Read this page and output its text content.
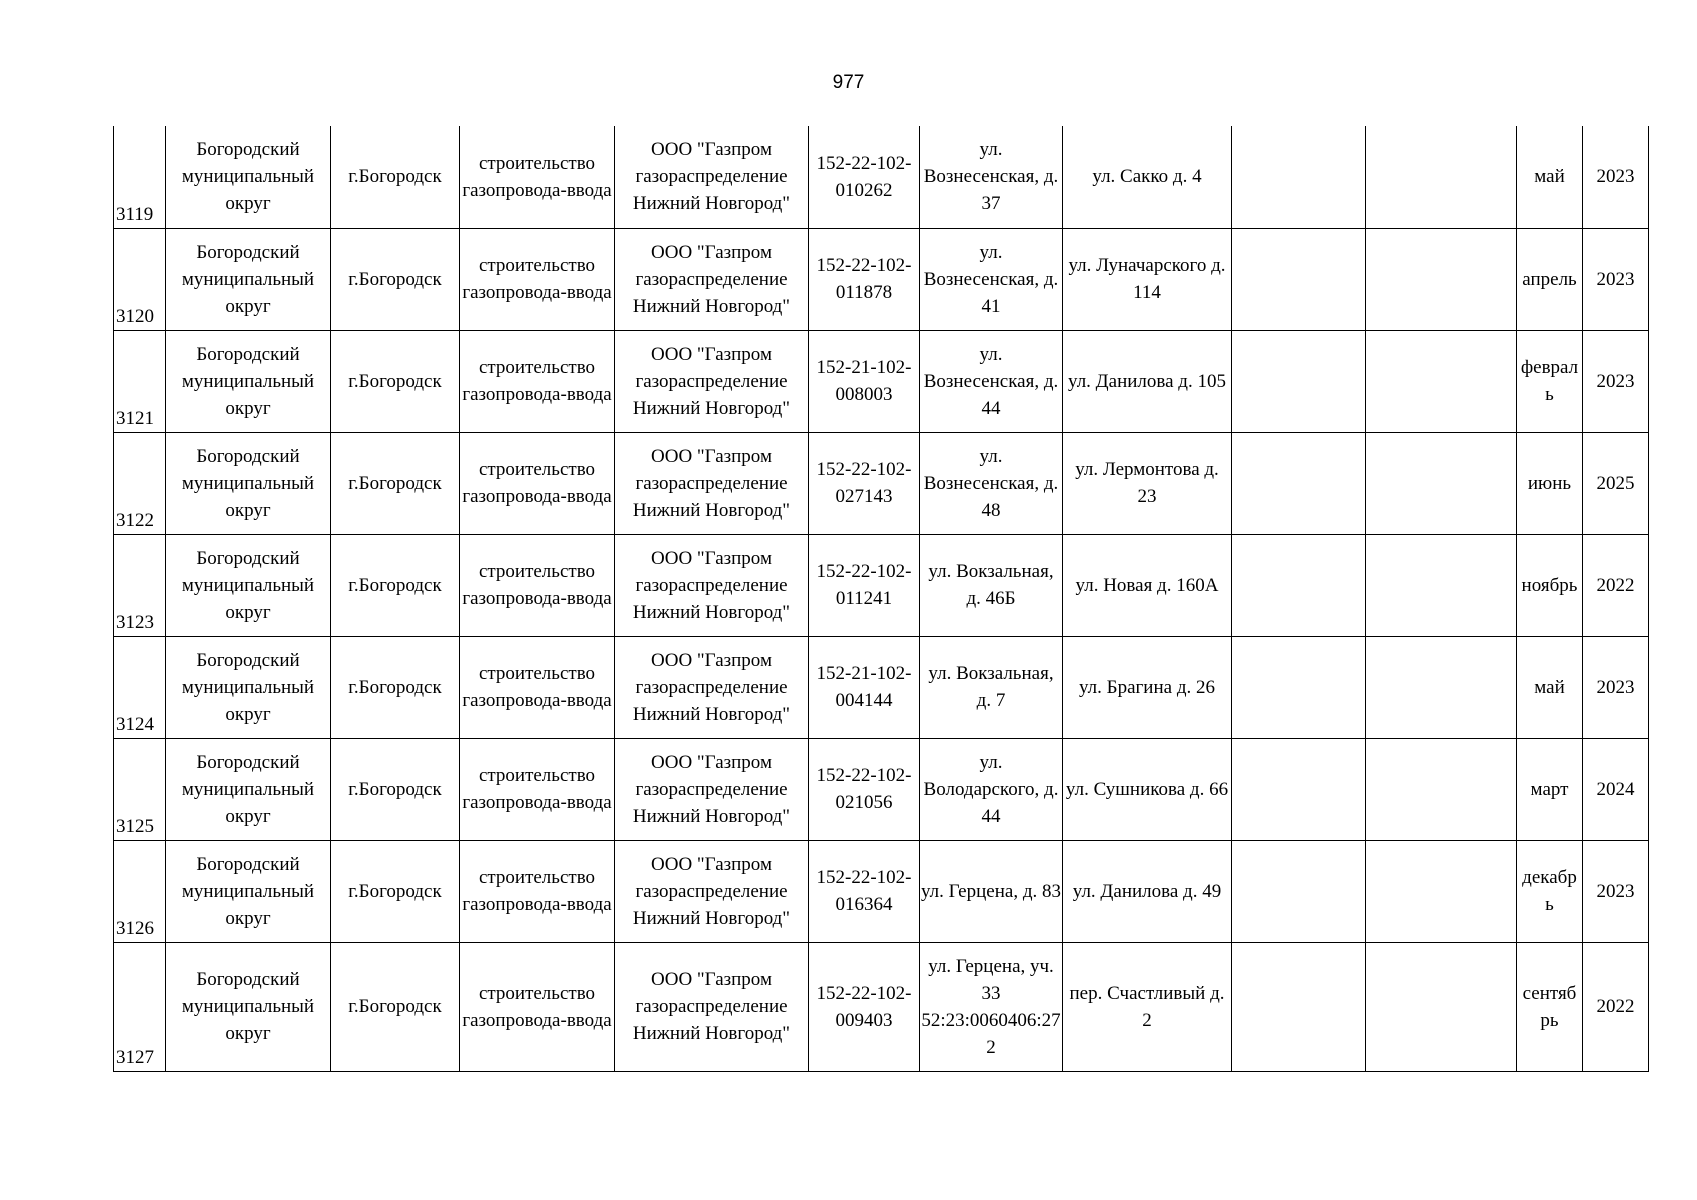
977
3119	Богородский муниципальный округ	г.Богородск	строительство газопровода-ввода	ООО "Газпром газораспределение Нижний Новгород"	152-22-102-010262	ул. Вознесенская, д. 37	ул. Сакко д. 4			май	2023
3120	Богородский муниципальный округ	г.Богородск	строительство газопровода-ввода	ООО "Газпром газораспределение Нижний Новгород"	152-22-102-011878	ул. Вознесенская, д. 41	ул. Луначарского д. 114			апрель	2023
3121	Богородский муниципальный округ	г.Богородск	строительство газопровода-ввода	ООО "Газпром газораспределение Нижний Новгород"	152-21-102-008003	ул. Вознесенская, д. 44	ул. Данилова д. 105			феврал ь	2023
3122	Богородский муниципальный округ	г.Богородск	строительство газопровода-ввода	ООО "Газпром газораспределение Нижний Новгород"	152-22-102-027143	ул. Вознесенская, д. 48	ул. Лермонтова д. 23			июнь	2025
3123	Богородский муниципальный округ	г.Богородск	строительство газопровода-ввода	ООО "Газпром газораспределение Нижний Новгород"	152-22-102-011241	ул. Вокзальная, д. 46Б	ул. Новая д. 160А			ноябрь	2022
3124	Богородский муниципальный округ	г.Богородск	строительство газопровода-ввода	ООО "Газпром газораспределение Нижний Новгород"	152-21-102-004144	ул. Вокзальная, д. 7	ул. Брагина д. 26			май	2023
3125	Богородский муниципальный округ	г.Богородск	строительство газопровода-ввода	ООО "Газпром газораспределение Нижний Новгород"	152-22-102-021056	ул. Володарского, д. 44	ул. Сушникова д. 66			март	2024
3126	Богородский муниципальный округ	г.Богородск	строительство газопровода-ввода	ООО "Газпром газораспределение Нижний Новгород"	152-22-102-016364	ул. Герцена, д. 83	ул. Данилова д. 49			декабр ь	2023
3127	Богородский муниципальный округ	г.Богородск	строительство газопровода-ввода	ООО "Газпром газораспределение Нижний Новгород"	152-22-102-009403	ул. Герцена, уч. 33 52:23:0060406:272	пер. Счастливый д. 2			сентяб рь	2022
